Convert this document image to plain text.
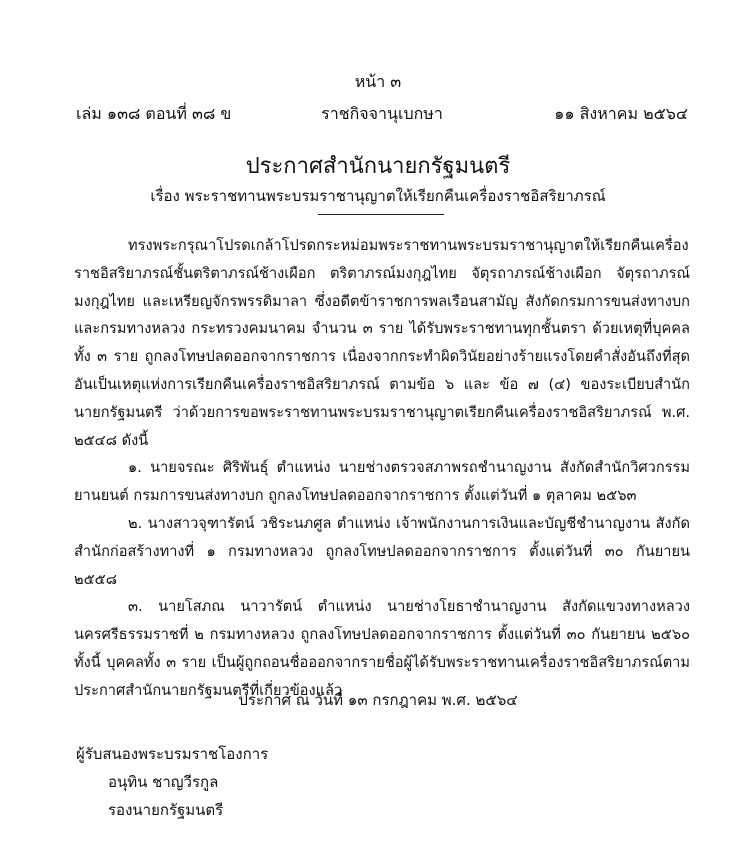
หน้า ๓
เล่ม ๑๓๘ ตอนที่ ๓๘ ข	ราชกิจจานุเบกษา	๑๑ สิงหาคม ๒๕๖๔
ประกาศสำนักนายกรัฐมนตรี
เรื่อง พระราชทานพระบรมราชานุญาตให้เรียกคืนเครื่องราชอิสริยาภรณ์

ทรงพระกรุณาโปรดเกล้าโปรดกระหม่อมพระราชทานพระบรมราชานุญาตให้เรียกคืนเครื่องราชอิสริยาภรณ์ชั้นตริตาภรณ์ช้างเผือก ตริตาภรณ์มงกุฎไทย จัตุรถาภรณ์ช้างเผือก จัตุรถาภรณ์มงกุฎไทย และเหรียญจักรพรรดิมาลา ซึ่งอดีตข้าราชการพลเรือนสามัญ สังกัดกรมการขนส่งทางบกและกรมทางหลวง กระทรวงคมนาคม จำนวน ๓ ราย ได้รับพระราชทานทุกชั้นตรา ด้วยเหตุที่บุคคลทั้ง ๓ ราย ถูกลงโทษปลดออกจากราชการ เนื่องจากกระทำผิดวินัยอย่างร้ายแรงโดยคำสั่งอันถึงที่สุด อันเป็นเหตุแห่งการเรียกคืนเครื่องราชอิสริยาภรณ์ ตามข้อ ๖ และ ข้อ ๗ (๔) ของระเบียบสำนักนายกรัฐมนตรี ว่าด้วยการขอพระราชทานพระบรมราชานุญาตเรียกคืนเครื่องราชอิสริยาภรณ์ พ.ศ. ๒๕๔๘ ดังนี้

๑. นายจรณะ ศิริพันธุ์ ตำแหน่ง นายช่างตรวจสภาพรถชำนาญงาน สังกัดสำนักวิศวกรรมยานยนต์ กรมการขนส่งทางบก ถูกลงโทษปลดออกจากราชการ ตั้งแต่วันที่ ๑ ตุลาคม ๒๕๖๓

๒. นางสาวจุฑารัตน์ วชิระนภศูล ตำแหน่ง เจ้าพนักงานการเงินและบัญชีชำนาญงาน สังกัดสำนักก่อสร้างทางที่ ๑ กรมทางหลวง ถูกลงโทษปลดออกจากราชการ ตั้งแต่วันที่ ๓๐ กันยายน ๒๕๕๘

๓. นายโสภณ นาวารัตน์ ตำแหน่ง นายช่างโยธาชำนาญงาน สังกัดแขวงทางหลวงนครศรีธรรมราชที่ ๒ กรมทางหลวง ถูกลงโทษปลดออกจากราชการ ตั้งแต่วันที่ ๓๐ กันยายน ๒๕๖๐ ทั้งนี้ บุคคลทั้ง ๓ ราย เป็นผู้ถูกถอนชื่อออกจากรายชื่อผู้ได้รับพระราชทานเครื่องราชอิสริยาภรณ์ตามประกาศสำนักนายกรัฐมนตรีที่เกี่ยวข้องแล้ว

ประกาศ ณ วันที่ ๑๓ กรกฎาคม พ.ศ. ๒๕๖๔
ผู้รับสนองพระบรมราชโองการ
อนุทิน ชาญวีรกูล
รองนายกรัฐมนตรี
